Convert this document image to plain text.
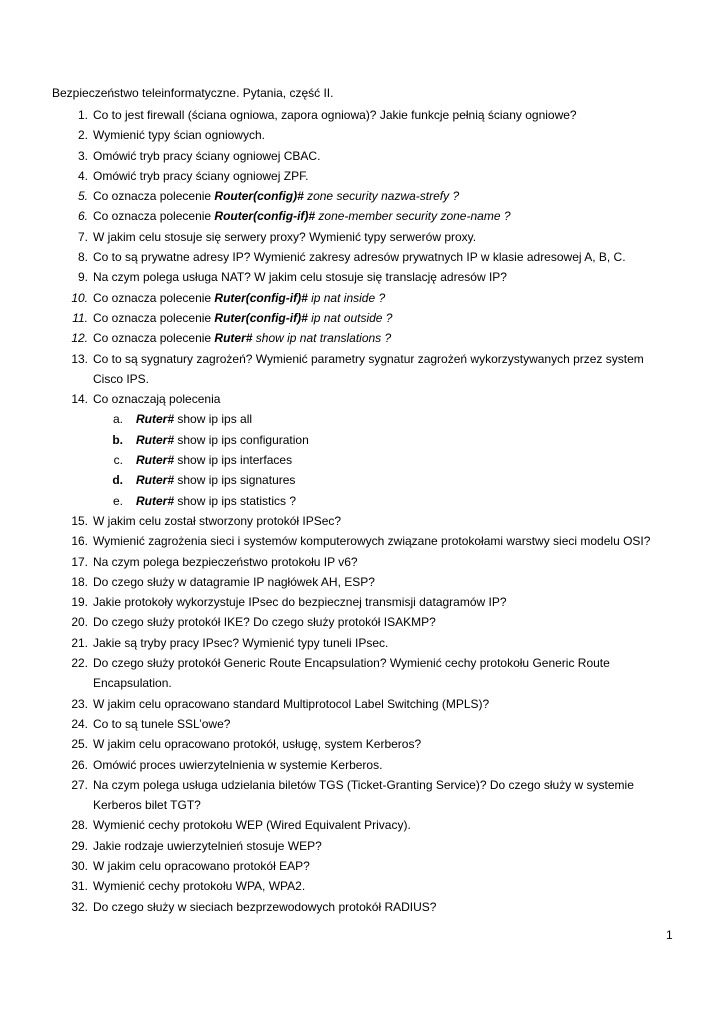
Bezpieczeństwo teleinformatyczne. Pytania, część II.
1. Co to jest firewall (ściana ogniowa, zapora ogniowa)? Jakie funkcje pełnią ściany ogniowe?
2. Wymienić typy ścian ogniowych.
3. Omówić tryb pracy ściany ogniowej CBAC.
4. Omówić tryb pracy ściany ogniowej ZPF.
5. Co oznacza polecenie Router(config)# zone security nazwa-strefy ?
6. Co oznacza polecenie Router(config-if)# zone-member security zone-name ?
7. W jakim celu stosuje się serwery proxy? Wymienić typy serwerów proxy.
8. Co to są prywatne adresy IP? Wymienić zakresy adresów prywatnych IP w klasie adresowej A, B, C.
9. Na czym polega usługa NAT? W jakim celu stosuje się translację adresów IP?
10. Co oznacza polecenie Ruter(config-if)# ip nat inside ?
11. Co oznacza polecenie Ruter(config-if)# ip nat outside ?
12. Co oznacza polecenie Ruter# show ip nat translations ?
13. Co to są sygnatury zagrożeń? Wymienić parametry sygnatur zagrożeń wykorzystywanych przez system Cisco IPS.
14. Co oznaczają polecenia
a. Ruter# show ip ips all
b. Ruter# show ip ips configuration
c. Ruter# show ip ips interfaces
d. Ruter# show ip ips signatures
e. Ruter# show ip ips statistics ?
15. W jakim celu został stworzony protokół IPSec?
16. Wymienić zagrożenia sieci i systemów komputerowych związane protokołami warstwy sieci modelu OSI?
17. Na czym polega bezpieczeństwo protokołu IP v6?
18. Do czego służy w datagramie IP nagłówek AH, ESP?
19. Jakie protokoły wykorzystuje IPsec do bezpiecznej transmisji datagramów IP?
20. Do czego służy protokół IKE? Do czego służy protokół ISAKMP?
21. Jakie są tryby pracy IPsec? Wymienić typy tuneli IPsec.
22. Do czego służy protokół Generic Route Encapsulation? Wymienić cechy protokołu Generic Route Encapsulation.
23. W jakim celu opracowano standard Multiprotocol Label Switching (MPLS)?
24. Co to są tunele SSL’owe?
25. W jakim celu opracowano protokół, usługę, system Kerberos?
26. Omówić proces uwierzytelnienia w systemie Kerberos.
27. Na czym polega usługa udzielania biletów TGS (Ticket-Granting Service)? Do czego służy w systemie Kerberos bilet TGT?
28. Wymienić cechy protokołu WEP (Wired Equivalent Privacy).
29. Jakie rodzaje uwierzytelnień stosuje WEP?
30. W jakim celu opracowano protokół EAP?
31. Wymienić cechy protokołu WPA, WPA2.
32. Do czego służy w sieciach bezprzewodowych protokół RADIUS?
1
